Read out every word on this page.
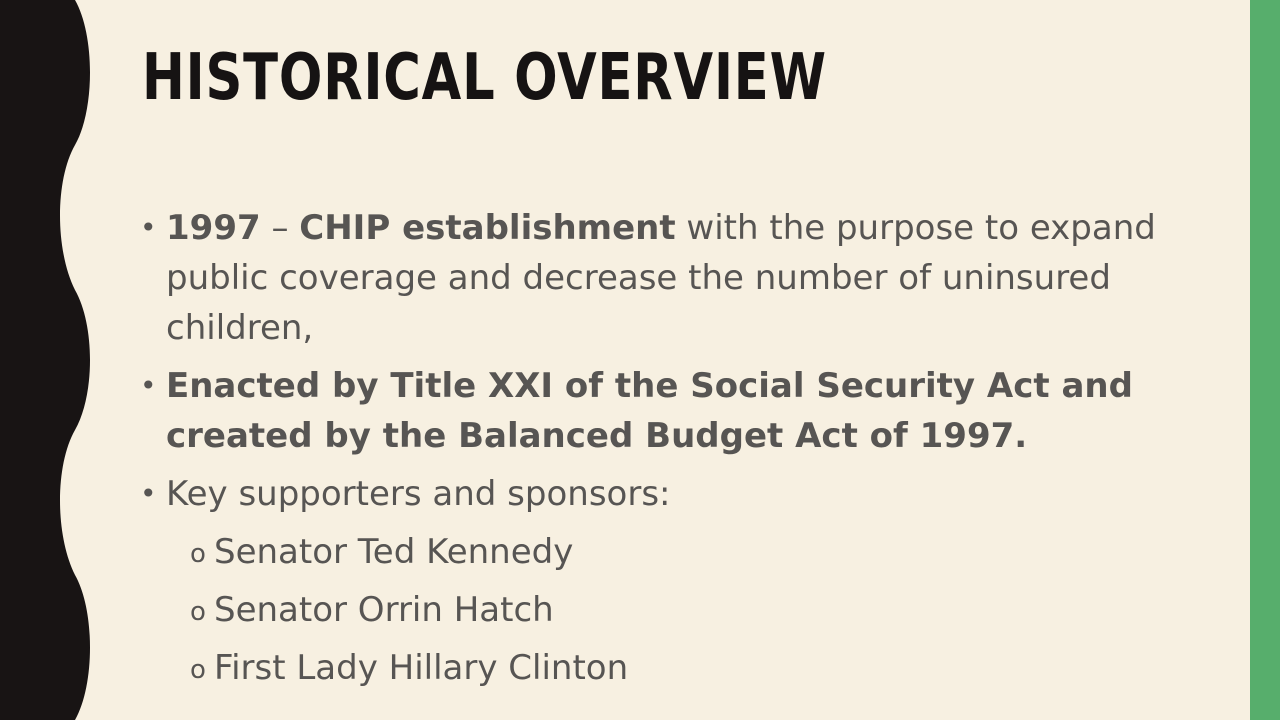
HISTORICAL OVERVIEW
• 1997 – CHIP establishment with the purpose to expand public coverage and decrease the number of uninsured children,
• Enacted by Title XXI of the Social Security Act and created by the Balanced Budget Act of 1997.
• Key supporters and sponsors:
o Senator Ted Kennedy
o Senator Orrin Hatch
o First Lady Hillary Clinton
